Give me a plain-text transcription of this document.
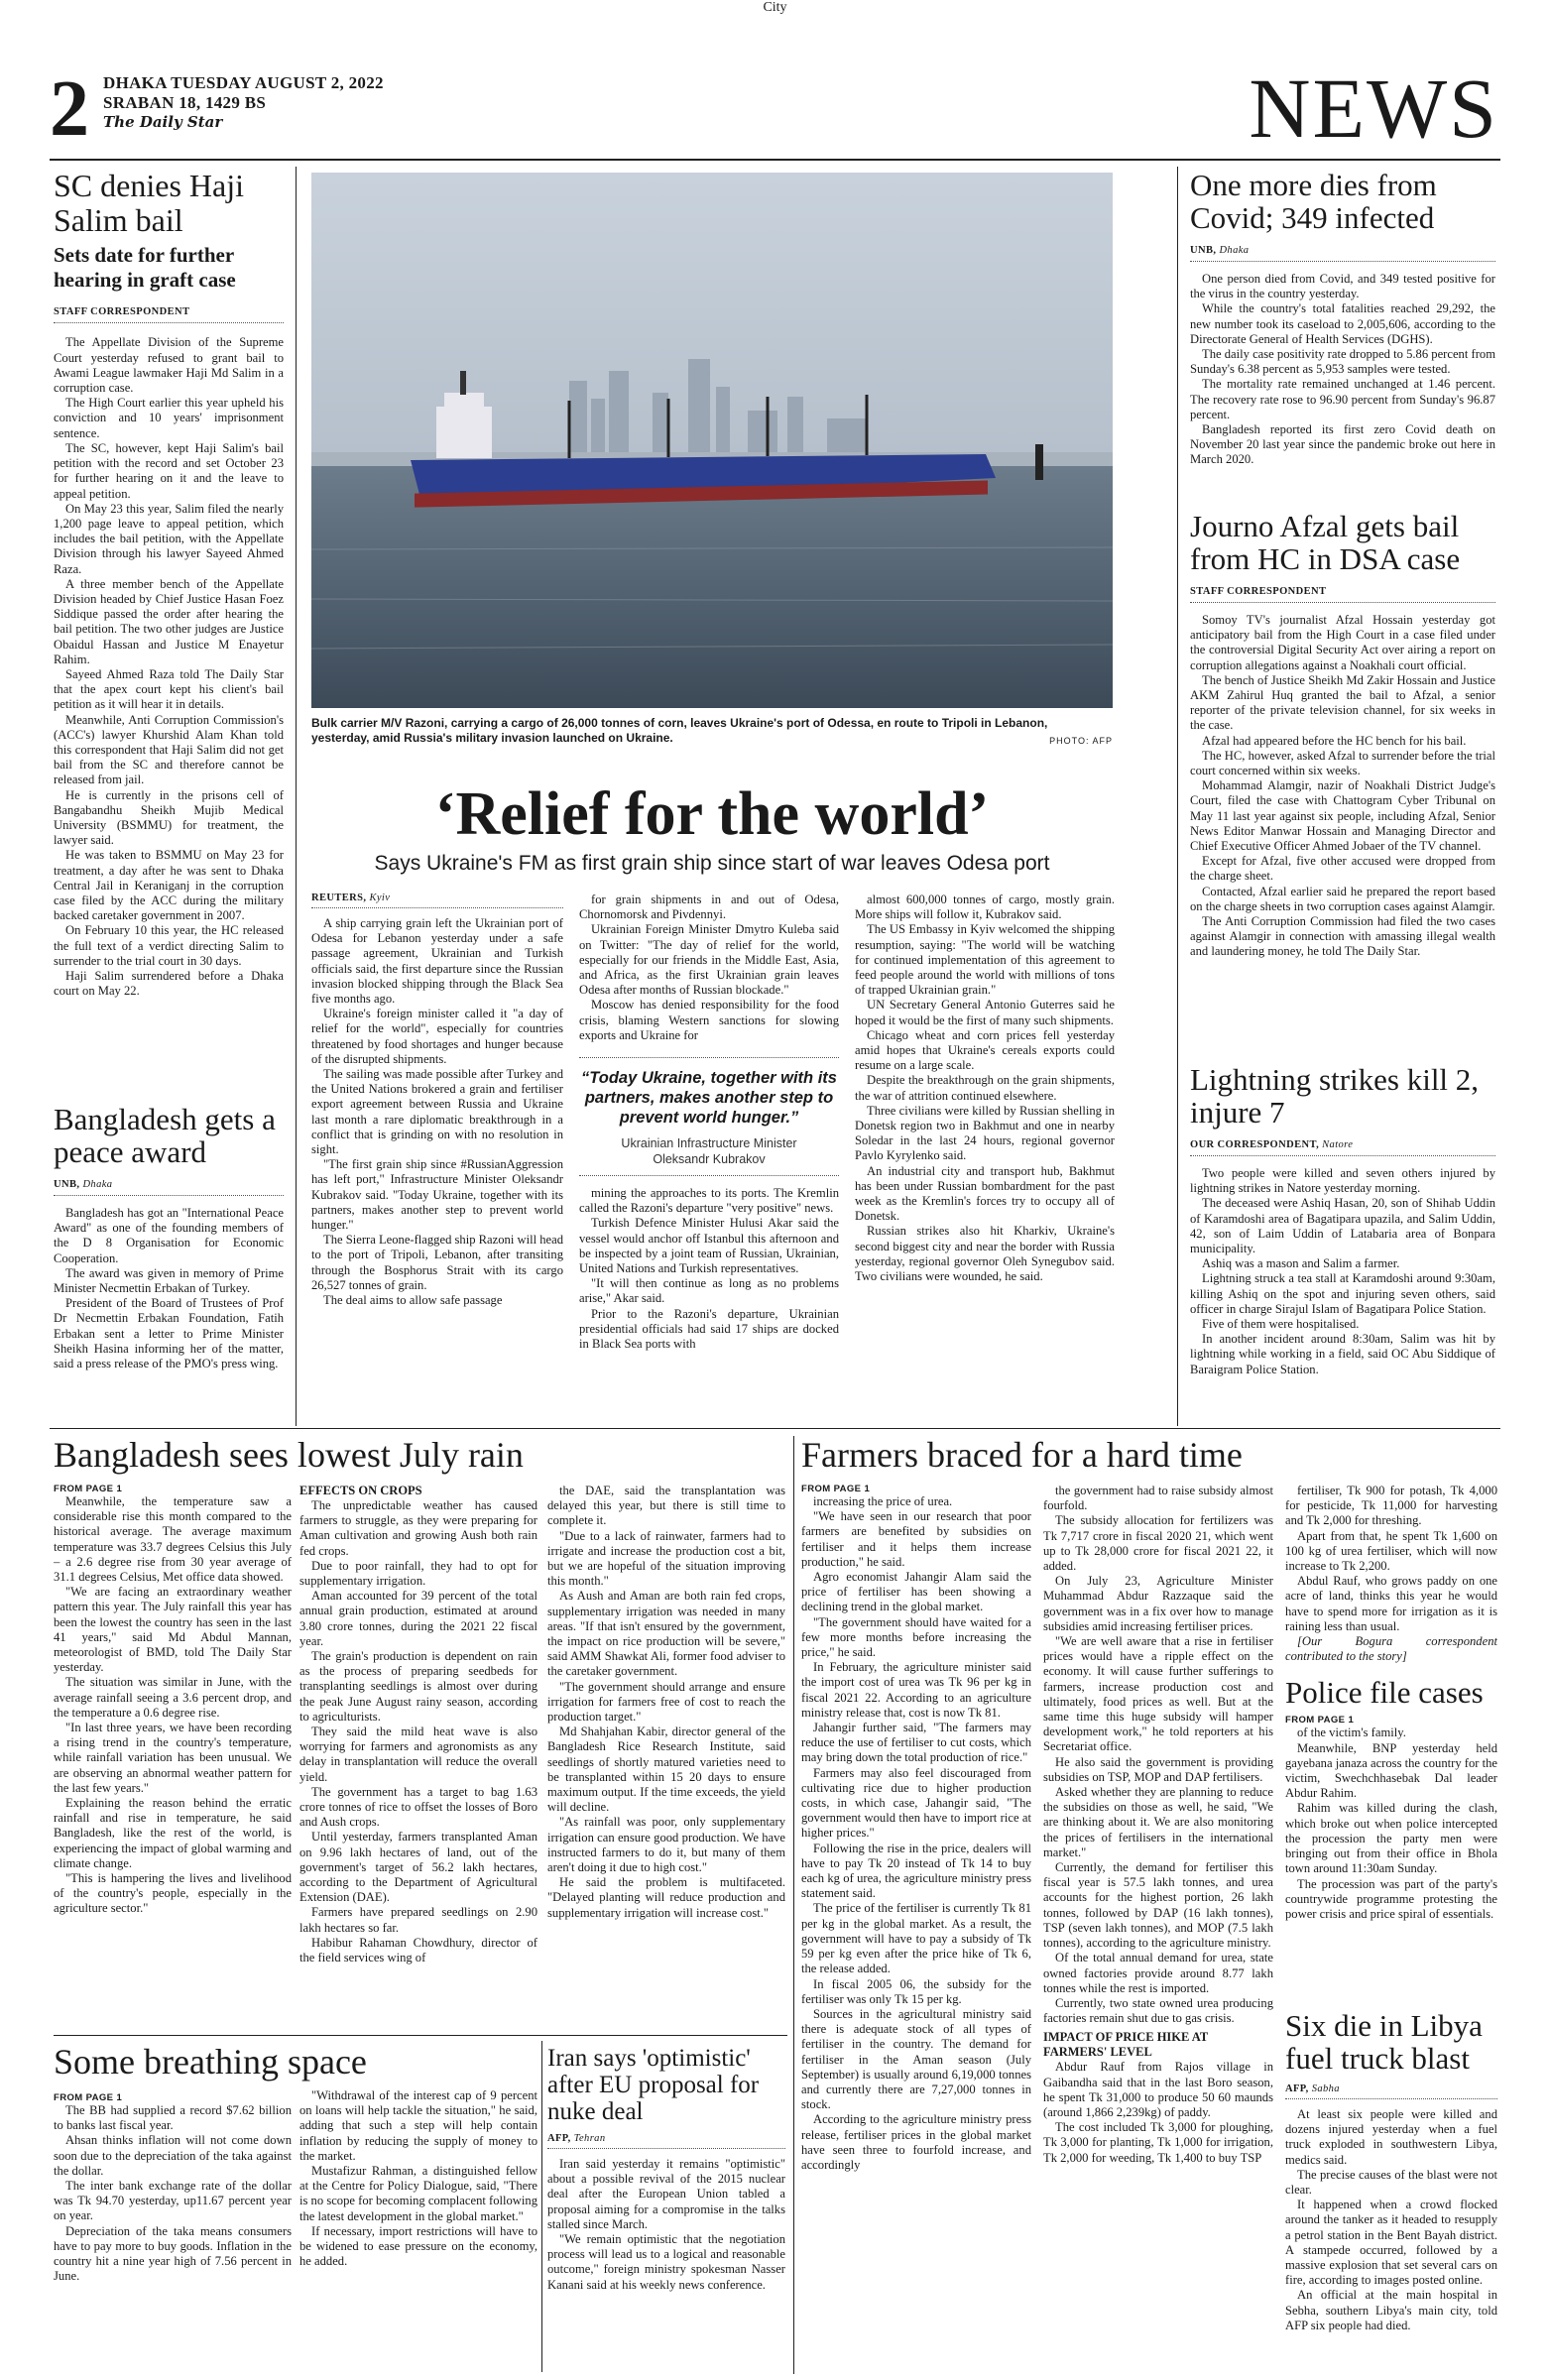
City
2 DHAKA TUESDAY AUGUST 2, 2022
SRABAN 18, 1429 BS
The Daily Star	NEWS
SC denies Haji Salim bail
Sets date for further hearing in graft case
STAFF CORRESPONDENT

The Appellate Division of the Supreme Court yesterday refused to grant bail to Awami League lawmaker Haji Md Salim in a corruption case.

The High Court earlier this year upheld his conviction and 10 years' imprisonment sentence.

The SC, however, kept Haji Salim's bail petition with the record and set October 23 for further hearing on it and the leave to appeal petition.

On May 23 this year, Salim filed the nearly 1,200 page leave to appeal petition, which includes the bail petition, with the Appellate Division through his lawyer Sayeed Ahmed Raza.

A three member bench of the Appellate Division headed by Chief Justice Hasan Foez Siddique passed the order after hearing the bail petition. The two other judges are Justice Obaidul Hassan and Justice M Enayetur Rahim.

Sayeed Ahmed Raza told The Daily Star that the apex court kept his client's bail petition as it will hear it in details.

Meanwhile, Anti Corruption Commission's (ACC's) lawyer Khurshid Alam Khan told this correspondent that Haji Salim did not get bail from the SC and therefore cannot be released from jail.

He is currently in the prisons cell of Bangabandhu Sheikh Mujib Medical University (BSMMU) for treatment, the lawyer said.

He was taken to BSMMU on May 23 for treatment, a day after he was sent to Dhaka Central Jail in Keraniganj in the corruption case filed by the ACC during the military backed caretaker government in 2007.

On February 10 this year, the HC released the full text of a verdict directing Salim to surrender to the trial court in 30 days.

Haji Salim surrendered before a Dhaka court on May 22.

Bangladesh gets a peace award
UNB, Dhaka

Bangladesh has got an "International Peace Award" as one of the founding members of the D 8 Organisation for Economic Cooperation.

The award was given in memory of Prime Minister Necmettin Erbakan of Turkey.

President of the Board of Trustees of Prof Dr Necmettin Erbakan Foundation, Fatih Erbakan sent a letter to Prime Minister Sheikh Hasina informing her of the matter, said a press release of the PMO's press wing.

Bulk carrier M/V Razoni, carrying a cargo of 26,000 tonnes of corn, leaves Ukraine's port of Odessa, en route to Tripoli in Lebanon, yesterday, amid Russia's military invasion launched on Ukraine.	PHOTO: AFP
‘Relief for the world’
Says Ukraine's FM as first grain ship since start of war leaves Odesa port
REUTERS, Kyiv

A ship carrying grain left the Ukrainian port of Odesa for Lebanon yesterday under a safe passage agreement, Ukrainian and Turkish officials said, the first departure since the Russian invasion blocked shipping through the Black Sea five months ago.

Ukraine's foreign minister called it "a day of relief for the world", especially for countries threatened by food shortages and hunger because of the disrupted shipments.

The sailing was made possible after Turkey and the United Nations brokered a grain and fertiliser export agreement between Russia and Ukraine last month a rare diplomatic breakthrough in a conflict that is grinding on with no resolution in sight.

"The first grain ship since #RussianAggression has left port," Infrastructure Minister Oleksandr Kubrakov said. "Today Ukraine, together with its partners, makes another step to prevent world hunger."

The Sierra Leone-flagged ship Razoni will head to the port of Tripoli, Lebanon, after transiting through the Bosphorus Strait with its cargo 26,527 tonnes of grain.

The deal aims to allow safe passage

for grain shipments in and out of Odesa, Chornomorsk and Pivdennyi.

Ukrainian Foreign Minister Dmytro Kuleba said on Twitter: "The day of relief for the world, especially for our friends in the Middle East, Asia, and Africa, as the first Ukrainian grain leaves Odesa after months of Russian blockade."

Moscow has denied responsibility for the food crisis, blaming Western sanctions for slowing exports and Ukraine for

“Today Ukraine, together with its partners, makes another step to prevent world hunger.”
Ukrainian Infrastructure Minister
Oleksandr Kubrakov

mining the approaches to its ports. The Kremlin called the Razoni's departure "very positive" news.

Turkish Defence Minister Hulusi Akar said the vessel would anchor off Istanbul this afternoon and be inspected by a joint team of Russian, Ukrainian, United Nations and Turkish representatives.

"It will then continue as long as no problems arise," Akar said.

Prior to the Razoni's departure, Ukrainian presidential officials had said 17 ships are docked in Black Sea ports with

almost 600,000 tonnes of cargo, mostly grain. More ships will follow it, Kubrakov said.

The US Embassy in Kyiv welcomed the shipping resumption, saying: "The world will be watching for continued implementation of this agreement to feed people around the world with millions of tons of trapped Ukrainian grain."

UN Secretary General Antonio Guterres said he hoped it would be the first of many such shipments.

Chicago wheat and corn prices fell yesterday amid hopes that Ukraine's cereals exports could resume on a large scale.

Despite the breakthrough on the grain shipments, the war of attrition continued elsewhere.

Three civilians were killed by Russian shelling in Donetsk region two in Bakhmut and one in nearby Soledar in the last 24 hours, regional governor Pavlo Kyrylenko said.

An industrial city and transport hub, Bakhmut has been under Russian bombardment for the past week as the Kremlin's forces try to occupy all of Donetsk.

Russian strikes also hit Kharkiv, Ukraine's second biggest city and near the border with Russia yesterday, regional governor Oleh Synegubov said. Two civilians were wounded, he said.

One more dies from Covid; 349 infected
UNB, Dhaka

One person died from Covid, and 349 tested positive for the virus in the country yesterday.

While the country's total fatalities reached 29,292, the new number took its caseload to 2,005,606, according to the Directorate General of Health Services (DGHS).

The daily case positivity rate dropped to 5.86 percent from Sunday's 6.38 percent as 5,953 samples were tested.

The mortality rate remained unchanged at 1.46 percent. The recovery rate rose to 96.90 percent from Sunday's 96.87 percent.

Bangladesh reported its first zero Covid death on November 20 last year since the pandemic broke out here in March 2020.

Journo Afzal gets bail from HC in DSA case
STAFF CORRESPONDENT

Somoy TV's journalist Afzal Hossain yesterday got anticipatory bail from the High Court in a case filed under the controversial Digital Security Act over airing a report on corruption allegations against a Noakhali court official.

The bench of Justice Sheikh Md Zakir Hossain and Justice AKM Zahirul Huq granted the bail to Afzal, a senior reporter of the private television channel, for six weeks in the case.

Afzal had appeared before the HC bench for his bail.

The HC, however, asked Afzal to surrender before the trial court concerned within six weeks.

Mohammad Alamgir, nazir of Noakhali District Judge's Court, filed the case with Chattogram Cyber Tribunal on May 11 last year against six people, including Afzal, Senior News Editor Manwar Hossain and Managing Director and Chief Executive Officer Ahmed Jobaer of the TV channel.

Except for Afzal, five other accused were dropped from the charge sheet.

Contacted, Afzal earlier said he prepared the report based on the charge sheets in two corruption cases against Alamgir.

The Anti Corruption Commission had filed the two cases against Alamgir in connection with amassing illegal wealth and laundering money, he told The Daily Star.

Lightning strikes kill 2, injure 7
OUR CORRESPONDENT, Natore

Two people were killed and seven others injured by lightning strikes in Natore yesterday morning.

The deceased were Ashiq Hasan, 20, son of Shihab Uddin of Karamdoshi area of Bagatipara upazila, and Salim Uddin, 42, son of Laim Uddin of Latabaria area of Bonpara municipality.

Ashiq was a mason and Salim a farmer.

Lightning struck a tea stall at Karamdoshi around 9:30am, killing Ashiq on the spot and injuring seven others, said officer in charge Sirajul Islam of Bagatipara Police Station.

Five of them were hospitalised.

In another incident around 8:30am, Salim was hit by lightning while working in a field, said OC Abu Siddique of Baraigram Police Station.

Bangladesh sees lowest July rain
FROM PAGE 1

Meanwhile, the temperature saw a considerable rise this month compared to the historical average. The average maximum temperature was 33.7 degrees Celsius this July – a 2.6 degree rise from 30 year average of 31.1 degrees Celsius, Met office data showed.

"We are facing an extraordinary weather pattern this year. The July rainfall this year has been the lowest the country has seen in the last 41 years," said Md Abdul Mannan, meteorologist of BMD, told The Daily Star yesterday.

The situation was similar in June, with the average rainfall seeing a 3.6 percent drop, and the temperature a 0.6 degree rise.

"In last three years, we have been recording a rising trend in the country's temperature, while rainfall variation has been unusual. We are observing an abnormal weather pattern for the last few years."

Explaining the reason behind the erratic rainfall and rise in temperature, he said Bangladesh, like the rest of the world, is experiencing the impact of global warming and climate change.

"This is hampering the lives and livelihood of the country's people, especially in the agriculture sector."

EFFECTS ON CROPS

The unpredictable weather has caused farmers to struggle, as they were preparing for Aman cultivation and growing Aush both rain fed crops.

Due to poor rainfall, they had to opt for supplementary irrigation.

Aman accounted for 39 percent of the total annual grain production, estimated at around 3.80 crore tonnes, during the 2021 22 fiscal year.

The grain's production is dependent on rain as the process of preparing seedbeds for transplanting seedlings is almost over during the peak June August rainy season, according to agriculturists.

They said the mild heat wave is also worrying for farmers and agronomists as any delay in transplantation will reduce the overall yield.

The government has a target to bag 1.63 crore tonnes of rice to offset the losses of Boro and Aush crops.

Until yesterday, farmers transplanted Aman on 9.96 lakh hectares of land, out of the government's target of 56.2 lakh hectares, according to the Department of Agricultural Extension (DAE).

Farmers have prepared seedlings on 2.90 lakh hectares so far.

Habibur Rahaman Chowdhury, director of the field services wing of

the DAE, said the transplantation was delayed this year, but there is still time to complete it.

"Due to a lack of rainwater, farmers had to irrigate and increase the production cost a bit, but we are hopeful of the situation improving this month."

As Aush and Aman are both rain fed crops, supplementary irrigation was needed in many areas. "If that isn't ensured by the government, the impact on rice production will be severe," said AMM Shawkat Ali, former food adviser to the caretaker government.

"The government should arrange and ensure irrigation for farmers free of cost to reach the production target."

Md Shahjahan Kabir, director general of the Bangladesh Rice Research Institute, said seedlings of shortly matured varieties need to be transplanted within 15 20 days to ensure maximum output. If the time exceeds, the yield will decline.

"As rainfall was poor, only supplementary irrigation can ensure good production. We have instructed farmers to do it, but many of them aren't doing it due to high cost."

He said the problem is multifaceted. "Delayed planting will reduce production and supplementary irrigation will increase cost."

Some breathing space
FROM PAGE 1

The BB had supplied a record $7.62 billion to banks last fiscal year.

Ahsan thinks inflation will not come down soon due to the depreciation of the taka against the dollar.

The inter bank exchange rate of the dollar was Tk 94.70 yesterday, up11.67 percent year on year.

Depreciation of the taka means consumers have to pay more to buy goods. Inflation in the country hit a nine year high of 7.56 percent in June.

"Withdrawal of the interest cap of 9 percent on loans will help tackle the situation," he said, adding that such a step will help contain inflation by reducing the supply of money to the market.

Mustafizur Rahman, a distinguished fellow at the Centre for Policy Dialogue, said, "There is no scope for becoming complacent following the latest development in the global market."

If necessary, import restrictions will have to be widened to ease pressure on the economy, he added.

Iran says 'optimistic' after EU proposal for nuke deal
AFP, Tehran

Iran said yesterday it remains "optimistic" about a possible revival of the 2015 nuclear deal after the European Union tabled a proposal aiming for a compromise in the talks stalled since March.

"We remain optimistic that the negotiation process will lead us to a logical and reasonable outcome," foreign ministry spokesman Nasser Kanani said at his weekly news conference.

Farmers braced for a hard time
FROM PAGE 1

increasing the price of urea.

"We have seen in our research that poor farmers are benefited by subsidies on fertiliser and it helps them increase production," he said.

Agro economist Jahangir Alam said the price of fertiliser has been showing a declining trend in the global market.

"The government should have waited for a few more months before increasing the price," he said.

In February, the agriculture minister said the import cost of urea was Tk 96 per kg in fiscal 2021 22. According to an agriculture ministry release that, cost is now Tk 81.

Jahangir further said, "The farmers may reduce the use of fertiliser to cut costs, which may bring down the total production of rice."

Farmers may also feel discouraged from cultivating rice due to higher production costs, in which case, Jahangir said, "The government would then have to import rice at higher prices."

Following the rise in the price, dealers will have to pay Tk 20 instead of Tk 14 to buy each kg of urea, the agriculture ministry press statement said.

The price of the fertiliser is currently Tk 81 per kg in the global market. As a result, the government will have to pay a subsidy of Tk 59 per kg even after the price hike of Tk 6, the release added.

In fiscal 2005 06, the subsidy for the fertiliser was only Tk 15 per kg.

Sources in the agricultural ministry said there is adequate stock of all types of fertiliser in the country. The demand for fertiliser in the Aman season (July September) is usually around 6,19,000 tonnes and currently there are 7,27,000 tonnes in stock.

According to the agriculture ministry press release, fertiliser prices in the global market have seen three to fourfold increase, and accordingly

the government had to raise subsidy almost fourfold.

The subsidy allocation for fertilizers was Tk 7,717 crore in fiscal 2020 21, which went up to Tk 28,000 crore for fiscal 2021 22, it added.

On July 23, Agriculture Minister Muhammad Abdur Razzaque said the government was in a fix over how to manage subsidies amid increasing fertiliser prices.

"We are well aware that a rise in fertiliser prices would have a ripple effect on the economy. It will cause further sufferings to farmers, increase production cost and ultimately, food prices as well. But at the same time this huge subsidy will hamper development work," he told reporters at his Secretariat office.

He also said the government is providing subsidies on TSP, MOP and DAP fertilisers.

Asked whether they are planning to reduce the subsidies on those as well, he said, "We are thinking about it. We are also monitoring the prices of fertilisers in the international market."

Currently, the demand for fertiliser this fiscal year is 57.5 lakh tonnes, and urea accounts for the highest portion, 26 lakh tonnes, followed by DAP (16 lakh tonnes), TSP (seven lakh tonnes), and MOP (7.5 lakh tonnes), according to the agriculture ministry.

Of the total annual demand for urea, state owned factories provide around 8.77 lakh tonnes while the rest is imported.

Currently, two state owned urea producing factories remain shut due to gas crisis.

IMPACT OF PRICE HIKE AT FARMERS' LEVEL

Abdur Rauf from Rajos village in Gaibandha said that in the last Boro season, he spent Tk 31,000 to produce 50 60 maunds (around 1,866 2,239kg) of paddy.

The cost included Tk 3,000 for ploughing, Tk 3,000 for planting, Tk 1,000 for irrigation, Tk 2,000 for weeding, Tk 1,400 to buy TSP

fertiliser, Tk 900 for potash, Tk 4,000 for pesticide, Tk 11,000 for harvesting and Tk 2,000 for threshing.

Apart from that, he spent Tk 1,600 on 100 kg of urea fertiliser, which will now increase to Tk 2,200.

Abdul Rauf, who grows paddy on one acre of land, thinks this year he would have to spend more for irrigation as it is raining less than usual.

[Our Bogura correspondent contributed to the story]

Police file cases
FROM PAGE 1

of the victim's family.

Meanwhile, BNP yesterday held gayebana janaza across the country for the victim, Swechchhasebak Dal leader Abdur Rahim.

Rahim was killed during the clash, which broke out when police intercepted the procession the party men were bringing out from their office in Bhola town around 11:30am Sunday.

The procession was part of the party's countrywide programme protesting the power crisis and price spiral of essentials.

Six die in Libya fuel truck blast
AFP, Sabha

At least six people were killed and dozens injured yesterday when a fuel truck exploded in southwestern Libya, medics said.

The precise causes of the blast were not clear.

It happened when a crowd flocked around the tanker as it headed to resupply a petrol station in the Bent Bayah district. A stampede occurred, followed by a massive explosion that set several cars on fire, according to images posted online.

An official at the main hospital in Sebha, southern Libya's main city, told AFP six people had died.
